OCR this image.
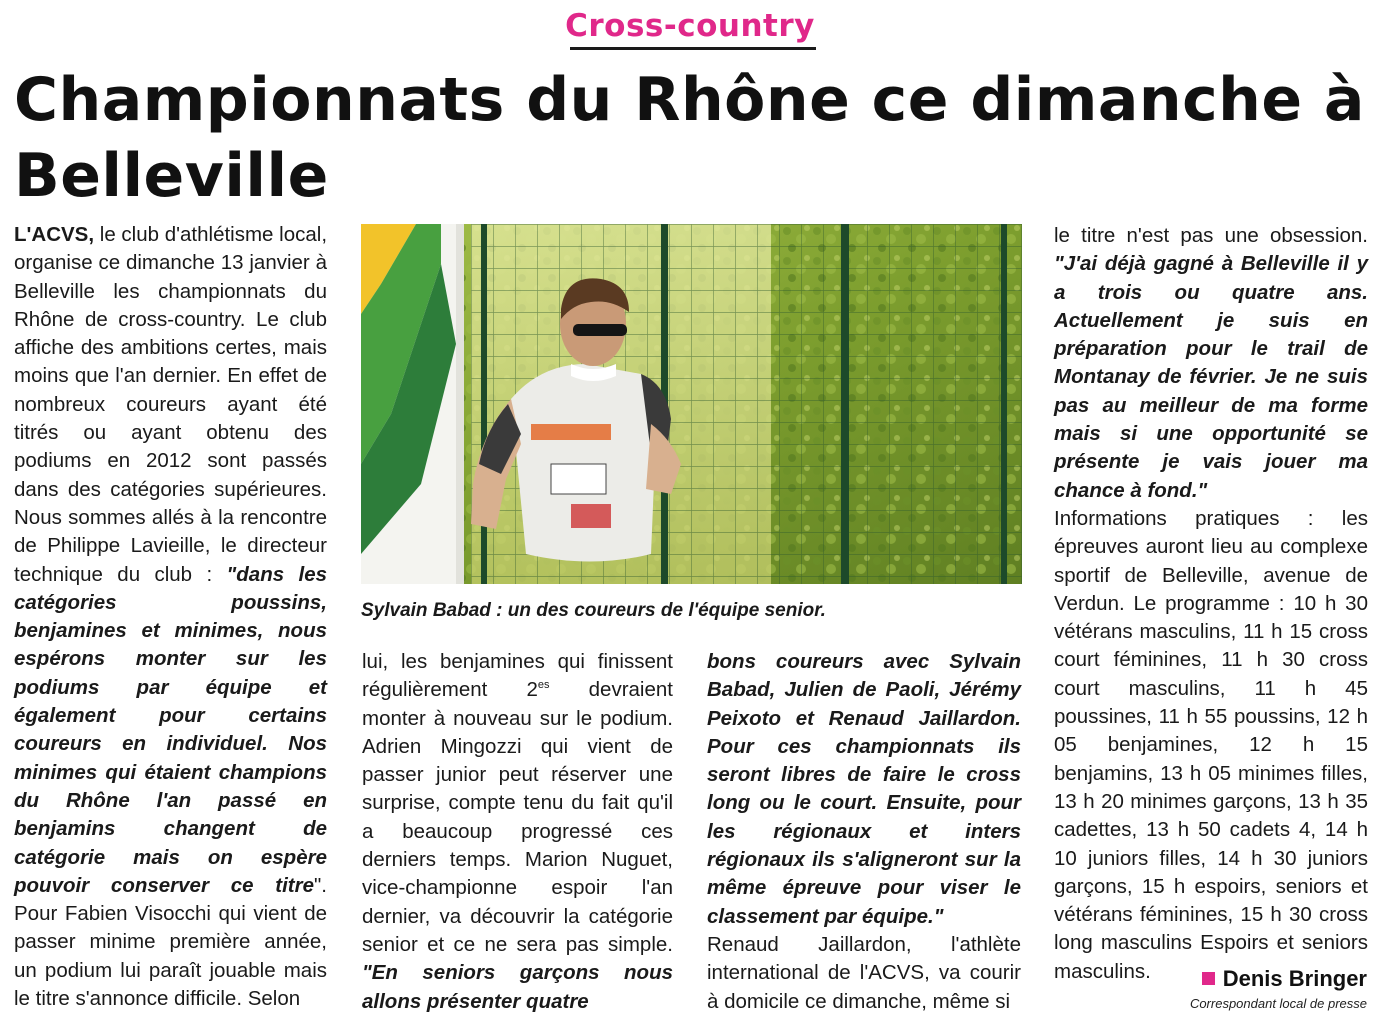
Cross-country
Championnats du Rhône ce dimanche à Belleville

L'ACVS, le club d'athlétisme local, organise ce dimanche 13 janvier à Belleville les championnats du Rhône de cross-country. Le club affiche des ambitions certes, mais moins que l'an dernier. En effet de nombreux coureurs ayant été titrés ou ayant obtenu des podiums en 2012 sont passés dans des catégories supérieures. Nous sommes allés à la rencontre de Philippe Lavieille, le directeur technique du club : "dans les catégories poussins, benjamines et minimes, nous espérons monter sur les podiums par équipe et également pour certains coureurs en individuel. Nos minimes qui étaient champions du Rhône l'an passé en benjamins changent de catégorie mais on espère pouvoir conserver ce titre". Pour Fabien Visocchi qui vient de passer minime première année, un podium lui paraît jouable mais le titre s'annonce difficile. Selon

Sylvain Babad : un des coureurs de l'équipe senior.

lui, les benjamines qui finissent régulièrement $2^{es}$ devraient monter à nouveau sur le podium. Adrien Mingozzi qui vient de passer junior peut réserver une surprise, compte tenu du fait qu'il a beaucoup progressé ces derniers temps. Marion Nuguet, vice-championne espoir l'an dernier, va découvrir la catégorie senior et ce ne sera pas simple. "En seniors garçons nous allons présenter quatre

bons coureurs avec Sylvain Babad, Julien de Paoli, Jérémy Peixoto et Renaud Jaillardon. Pour ces championnats ils seront libres de faire le cross long ou le court. Ensuite, pour les régionaux et inters régionaux ils s'aligneront sur la même épreuve pour viser le classement par équipe."

Renaud Jaillardon, l'athlète international de l'ACVS, va courir à domicile ce dimanche, même si

le titre n'est pas une obsession. "J'ai déjà gagné à Belleville il y a trois ou quatre ans. Actuellement je suis en préparation pour le trail de Montanay de février. Je ne suis pas au meilleur de ma forme mais si une opportunité se présente je vais jouer ma chance à fond."

Informations pratiques : les épreuves auront lieu au complexe sportif de Belleville, avenue de Verdun. Le programme : 10 h 30 vétérans masculins, 11 h 15 cross court féminines, 11 h 30 cross court masculins, 11 h 45 poussines, 11 h 55 poussins, 12 h 05 benjamines, 12 h 15 benjamins, 13 h 05 minimes filles, 13 h 20 minimes garçons, 13 h 35 cadettes, 13 h 50 cadets 4, 14 h 10 juniors filles, 14 h 30 juniors garçons, 15 h espoirs, seniors et vétérans féminines, 15 h 30 cross long masculins Espoirs et seniors masculins.	Denis Bringer
Correspondant local de presse
